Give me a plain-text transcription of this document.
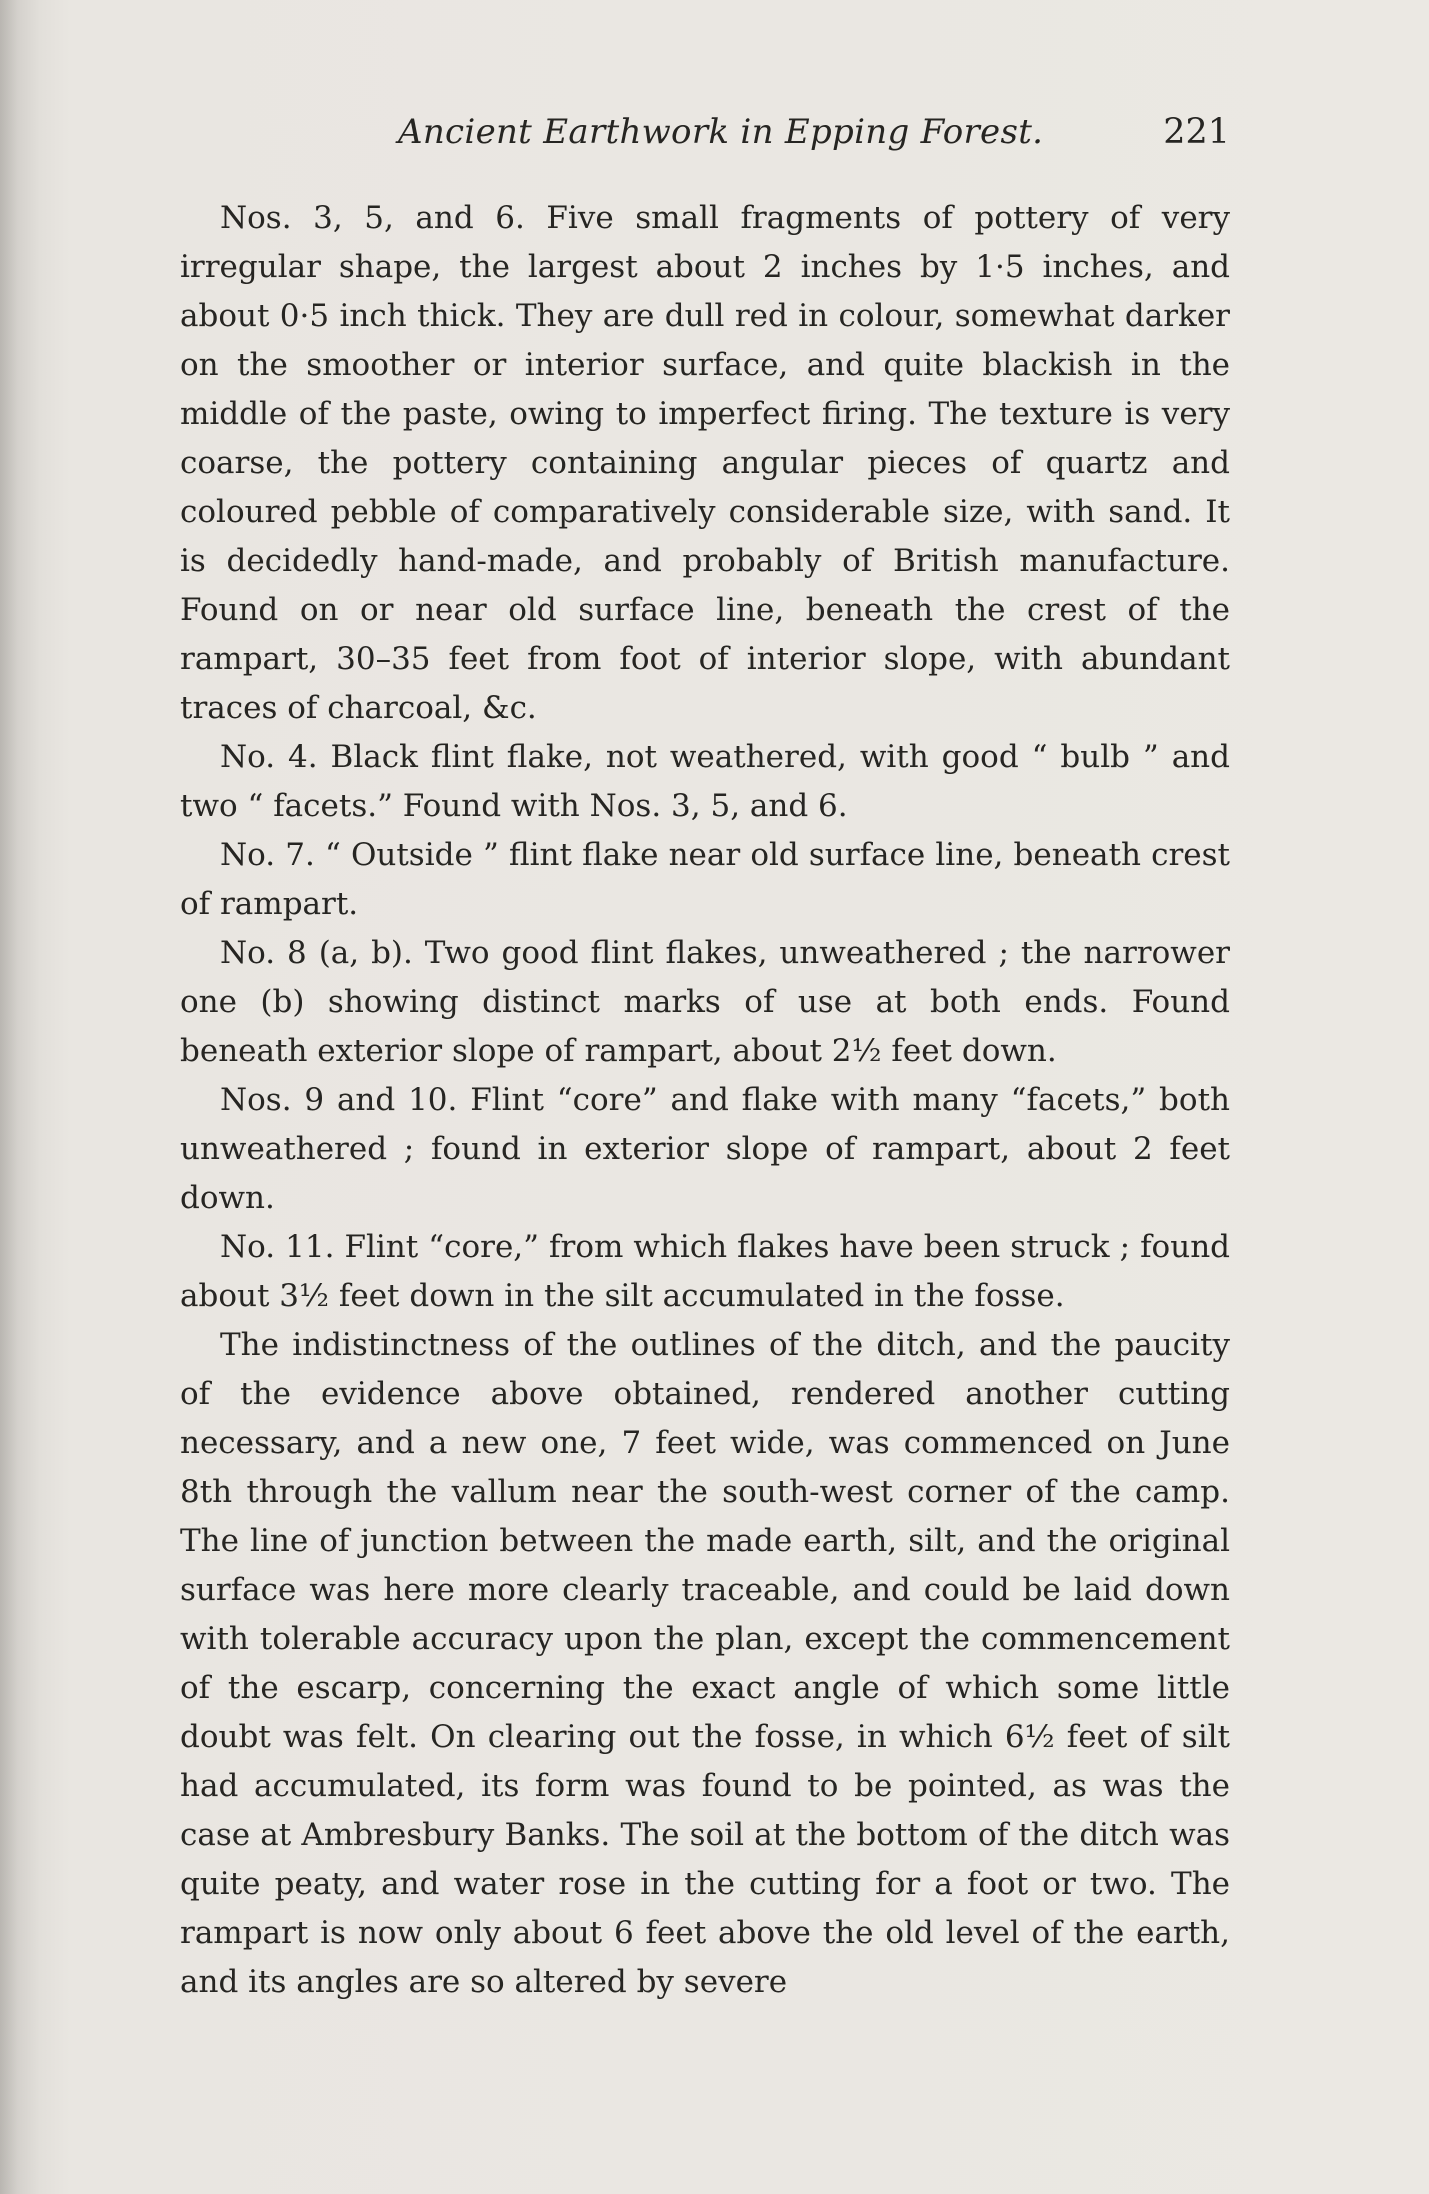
Ancient Earthwork in Epping Forest.	221

Nos. 3, 5, and 6. Five small fragments of pottery of very irregular shape, the largest about 2 inches by 1·5 inches, and about 0·5 inch thick. They are dull red in colour, somewhat darker on the smoother or interior surface, and quite blackish in the middle of the paste, owing to imperfect firing. The texture is very coarse, the pottery containing angular pieces of quartz and coloured pebble of comparatively considerable size, with sand. It is decidedly hand-made, and probably of British manufacture. Found on or near old surface line, beneath the crest of the rampart, 30–35 feet from foot of interior slope, with abundant traces of charcoal, &c.

No. 4. Black flint flake, not weathered, with good “ bulb ” and two “ facets.” Found with Nos. 3, 5, and 6.

No. 7. “ Outside ” flint flake near old surface line, beneath crest of rampart.

No. 8 (a, b). Two good flint flakes, unweathered ; the narrower one (b) showing distinct marks of use at both ends. Found beneath exterior slope of rampart, about 2½ feet down.

Nos. 9 and 10. Flint “core” and flake with many “facets,” both unweathered ; found in exterior slope of rampart, about 2 feet down.

No. 11. Flint “core,” from which flakes have been struck ; found about 3½ feet down in the silt accumulated in the fosse.

The indistinctness of the outlines of the ditch, and the paucity of the evidence above obtained, rendered another cutting necessary, and a new one, 7 feet wide, was commenced on June 8th through the vallum near the south-west corner of the camp. The line of junction between the made earth, silt, and the original surface was here more clearly traceable, and could be laid down with tolerable accuracy upon the plan, except the commencement of the escarp, concerning the exact angle of which some little doubt was felt. On clearing out the fosse, in which 6½ feet of silt had accumulated, its form was found to be pointed, as was the case at Ambresbury Banks. The soil at the bottom of the ditch was quite peaty, and water rose in the cutting for a foot or two. The rampart is now only about 6 feet above the old level of the earth, and its angles are so altered by severe
